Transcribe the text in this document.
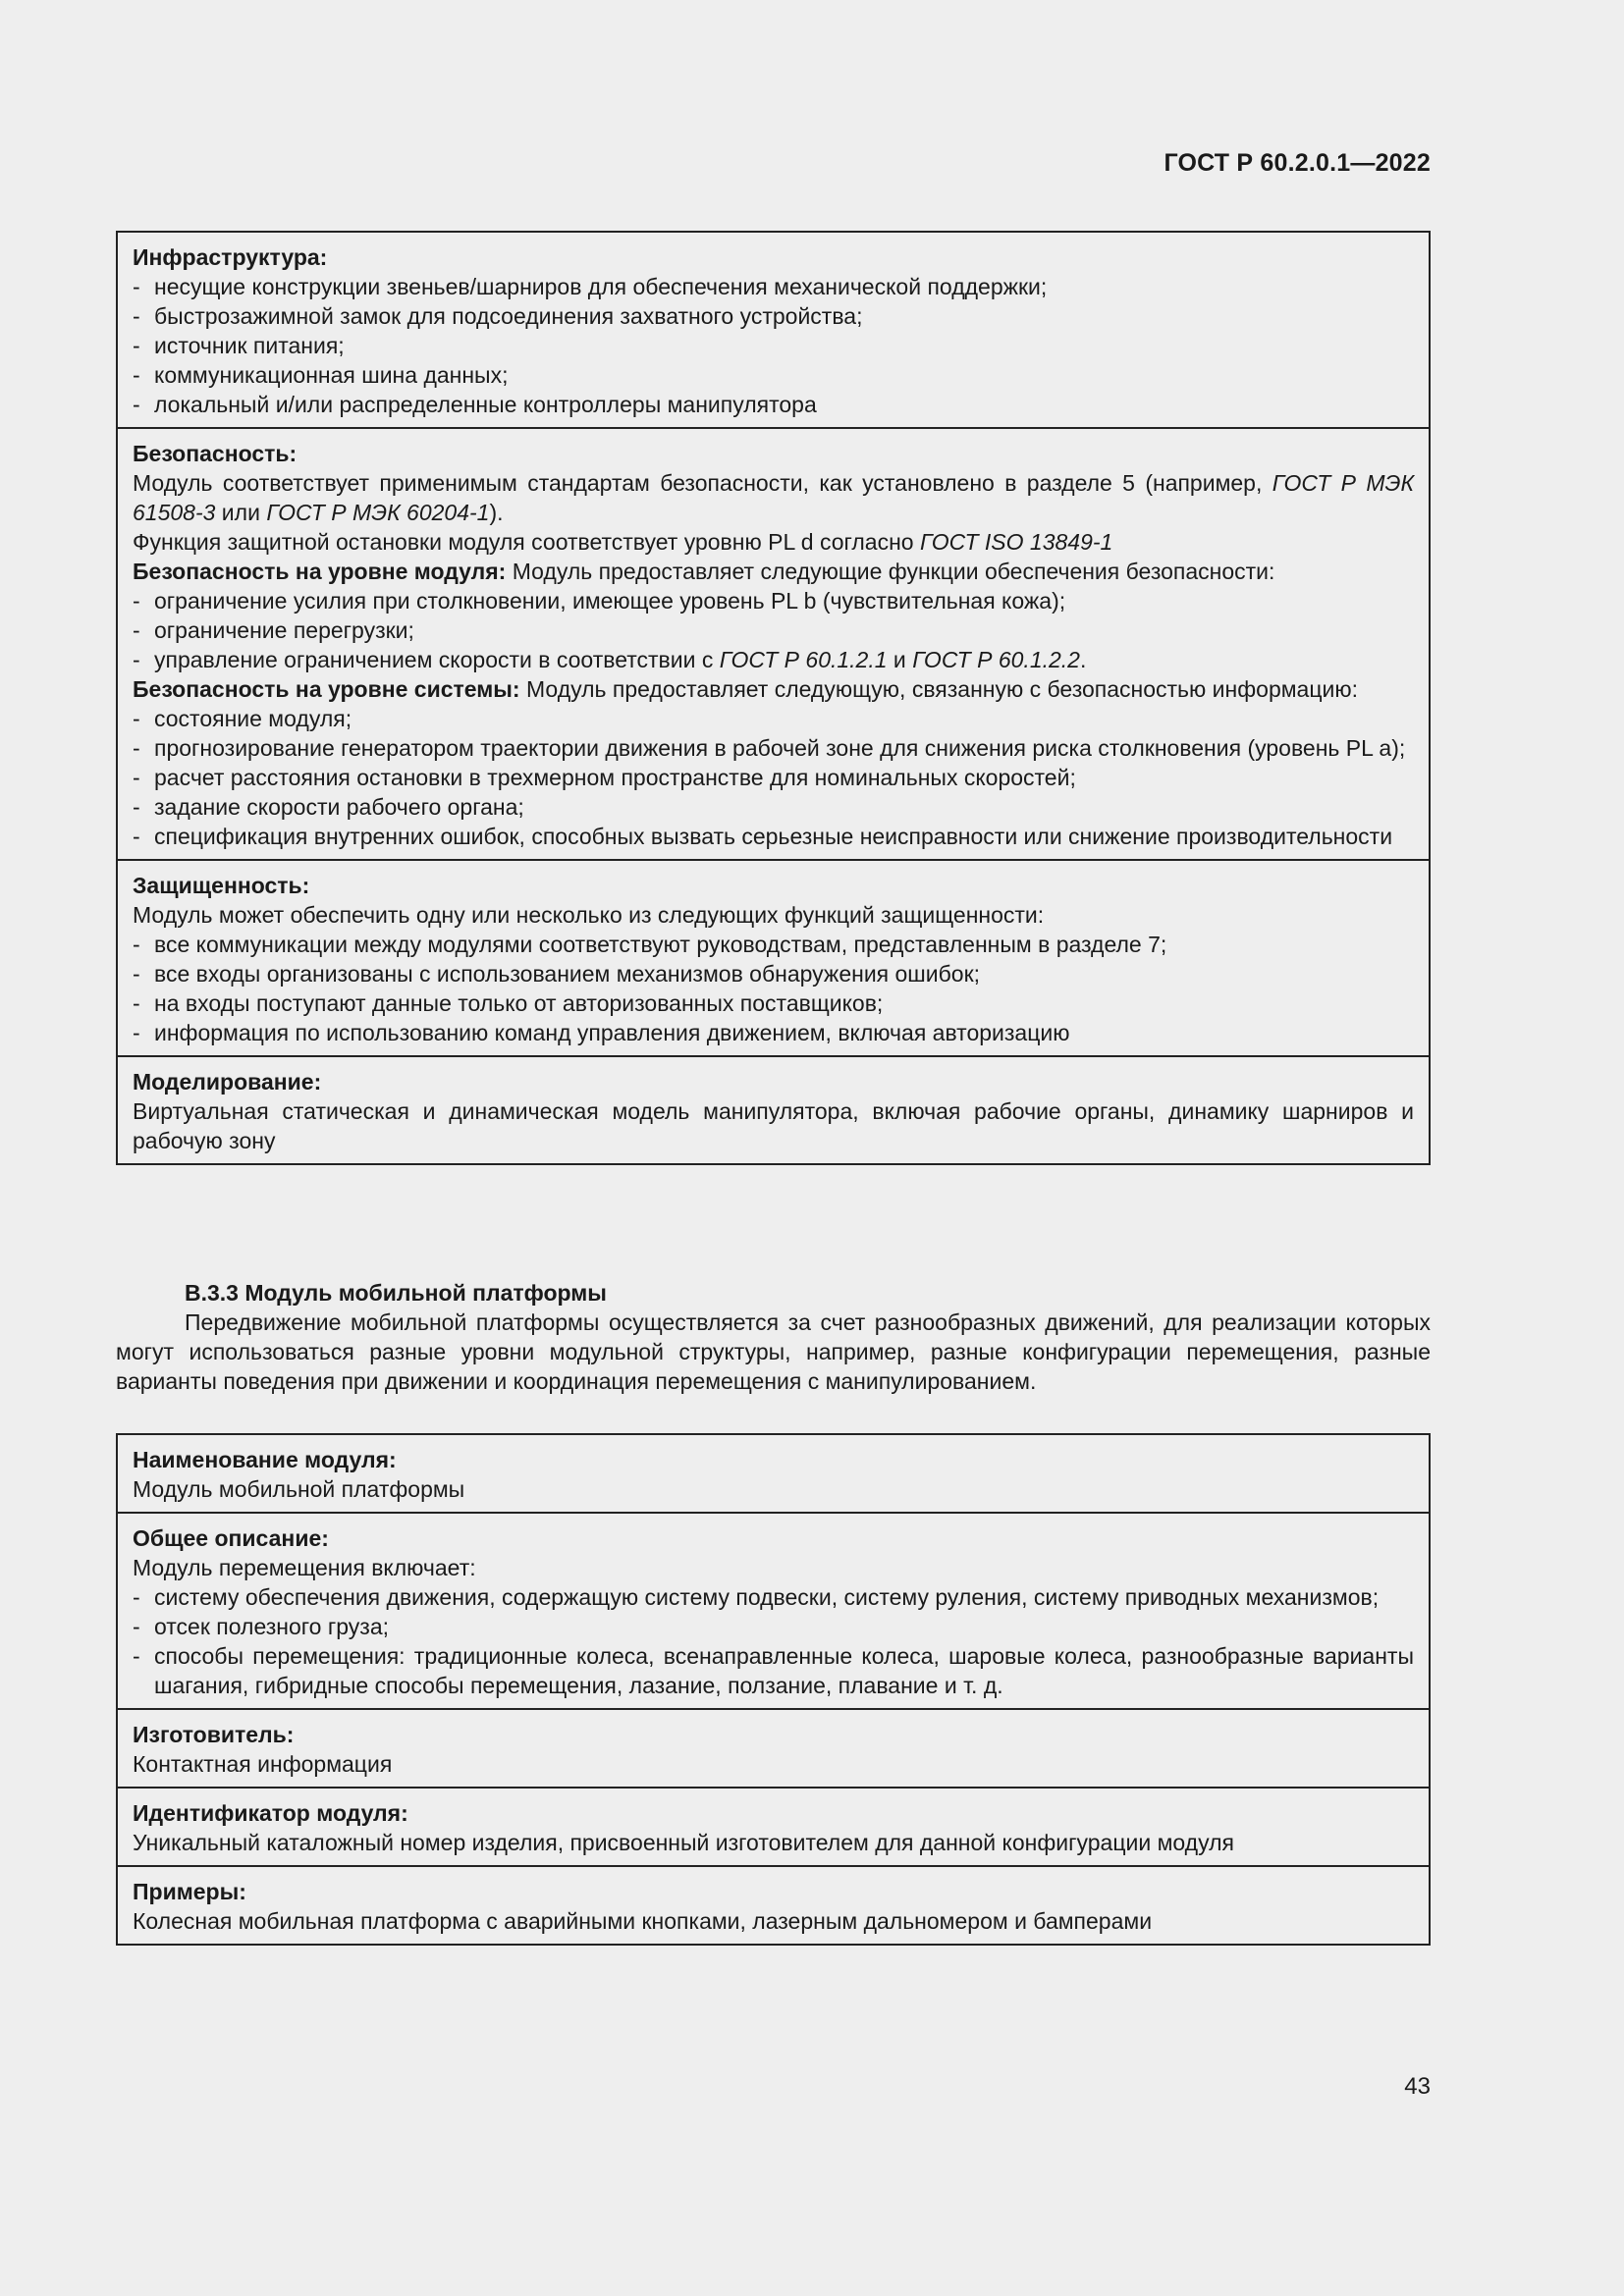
ГОСТ Р 60.2.0.1—2022
Инфраструктура:
- несущие конструкции звеньев/шарниров для обеспечения механической поддержки;
- быстрозажимной замок для подсоединения захватного устройства;
- источник питания;
- коммуникационная шина данных;
- локальный и/или распределенные контроллеры манипулятора
Безопасность:
Модуль соответствует применимым стандартам безопасности, как установлено в разделе 5 (например, ГОСТ Р МЭК 61508-3 или ГОСТ Р МЭК 60204-1).
Функция защитной остановки модуля соответствует уровню PL d согласно ГОСТ ISO 13849-1
Безопасность на уровне модуля: Модуль предоставляет следующие функции обеспечения безопасности:
- ограничение усилия при столкновении, имеющее уровень PL b (чувствительная кожа);
- ограничение перегрузки;
- управление ограничением скорости в соответствии с ГОСТ Р 60.1.2.1 и ГОСТ Р 60.1.2.2.
Безопасность на уровне системы: Модуль предоставляет следующую, связанную с безопасностью информацию:
- состояние модуля;
- прогнозирование генератором траектории движения в рабочей зоне для снижения риска столкновения (уровень PL a);
- расчет расстояния остановки в трехмерном пространстве для номинальных скоростей;
- задание скорости рабочего органа;
- спецификация внутренних ошибок, способных вызвать серьезные неисправности или снижение производительности
Защищенность:
Модуль может обеспечить одну или несколько из следующих функций защищенности:
- все коммуникации между модулями соответствуют руководствам, представленным в разделе 7;
- все входы организованы с использованием механизмов обнаружения ошибок;
- на входы поступают данные только от авторизованных поставщиков;
- информация по использованию команд управления движением, включая авторизацию
Моделирование:
Виртуальная статическая и динамическая модель манипулятора, включая рабочие органы, динамику шарниров и рабочую зону
B.3.3 Модуль мобильной платформы
Передвижение мобильной платформы осуществляется за счет разнообразных движений, для реализации которых могут использоваться разные уровни модульной структуры, например, разные конфигурации перемещения, разные варианты поведения при движении и координация перемещения с манипулированием.
Наименование модуля:
Модуль мобильной платформы
Общее описание:
Модуль перемещения включает:
- систему обеспечения движения, содержащую систему подвески, систему руления, систему приводных механизмов;
- отсек полезного груза;
- способы перемещения: традиционные колеса, всенаправленные колеса, шаровые колеса, разнообразные варианты шагания, гибридные способы перемещения, лазание, ползание, плавание и т. д.
Изготовитель:
Контактная информация
Идентификатор модуля:
Уникальный каталожный номер изделия, присвоенный изготовителем для данной конфигурации модуля
Примеры:
Колесная мобильная платформа с аварийными кнопками, лазерным дальномером и бамперами
43
